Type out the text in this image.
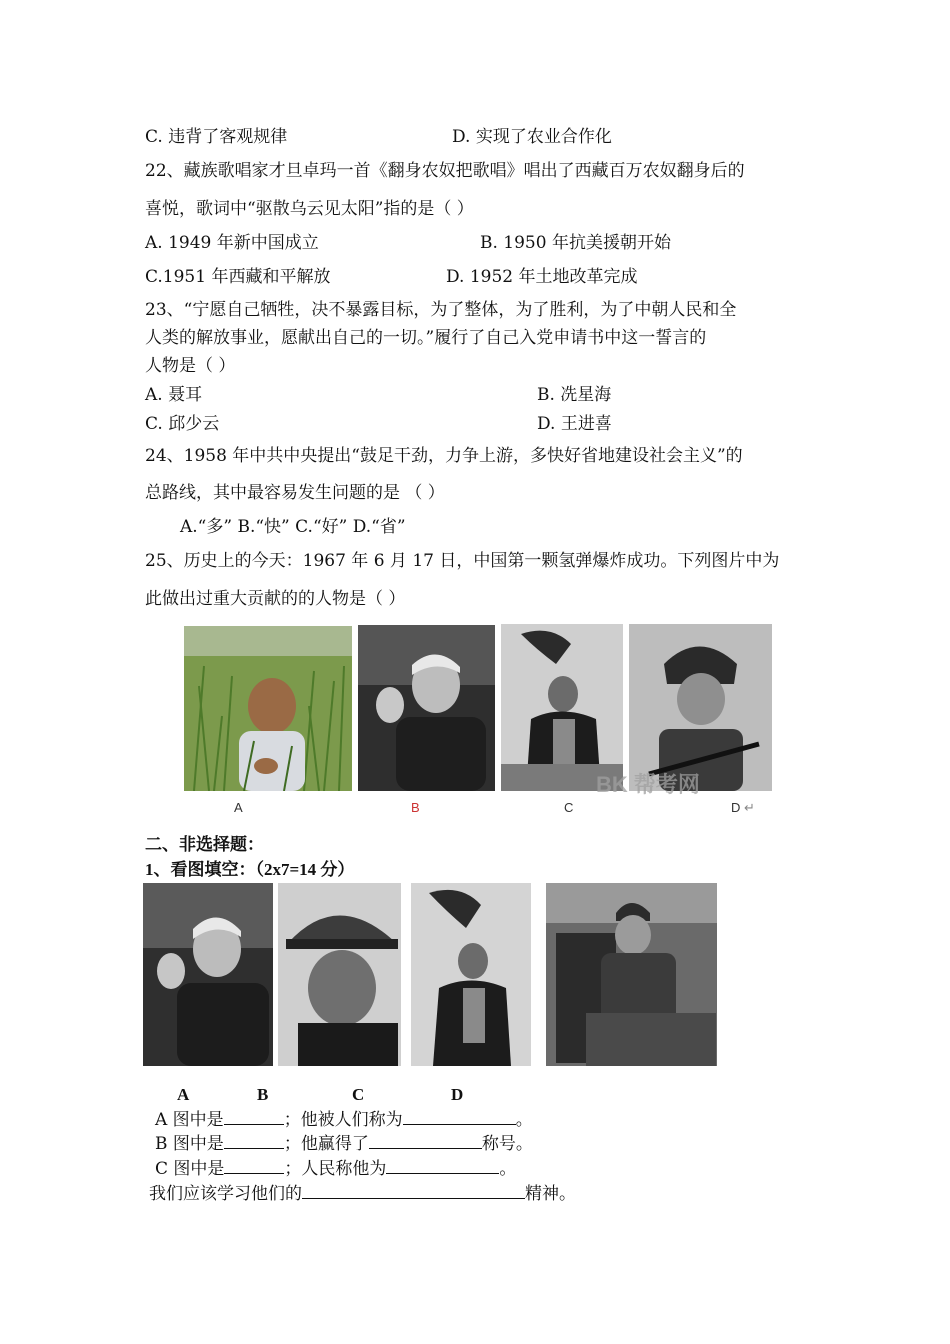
C. 违背了客观规律	D. 实现了农业合作化
22、藏族歌唱家才旦卓玛一首《翻身农奴把歌唱》唱出了西藏百万农奴翻身后的
喜悦，歌词中“驱散乌云见太阳”指的是（ ）
A. 1949 年新中国成立	B. 1950 年抗美援朝开始
C.1951 年西藏和平解放	D. 1952 年土地改革完成
23、“宁愿自己牺牲，决不暴露目标，为了整体，为了胜利，为了中朝人民和全
人类的解放事业，愿献出自己的一切。”履行了自己入党申请书中这一誓言的
人物是（ ）
A. 聂耳	B. 冼星海
C. 邱少云	D. 王进喜
24、1958 年中共中央提出“鼓足干劲，力争上游，多快好省地建设社会主义”的
总路线，其中最容易发生问题的是 （ ）
A.“多” B.“快” C.“好” D.“省”
25、历史上的今天：1967 年 6 月 17 日，中国第一颗氢弹爆炸成功。下列图片中为
此做出过重大贡献的的人物是（ ）
A	B	C	D ↵
BK 帮考网
二、非选择题：
1、看图填空：（2x7=14 分）
A	B	C	D
A 图中是	；他被人们称为	。
B 图中是	；他赢得了	称号。
C 图中是	；人民称他为	。
我们应该学习他们的	精神。
